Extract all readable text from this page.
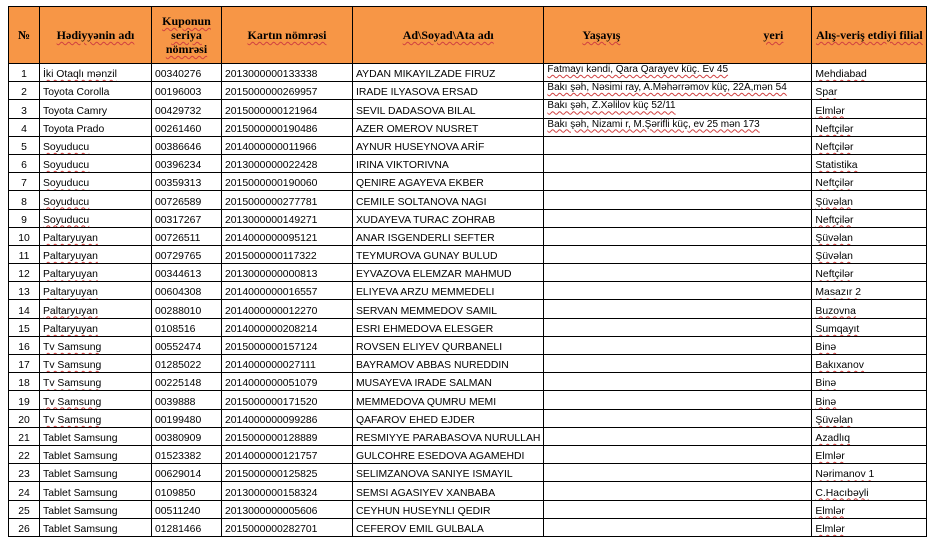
№	Hədiyyənin adı	Kuponun seriya nömrəsi	Kartın nömrəsi	Ad\Soyad\Ata adı	Yaşayış yeri	Alış-veriş etdiyi filial
1	İki Otaqlı mənzil	00340276	2013000000133338	AYDAN MIKAYILZADE FIRUZ	Fatmayı kəndi, Qara Qarayev küç. Ev 45	Mehdiabad
2	Toyota Corolla	00196003	2015000000269957	IRADE ILYASOVA ERSAD	Bakı şəh, Nəsimi ray, A.Məhərrəmov küç, 22A,mən 54	Spar
3	Toyota Camry	00429732	2015000000121964	SEVIL DADASOVA BILAL	Bakı şəh, Z.Xəlilov küç 52/11	Elmlər
4	Toyota Prado	00261460	2015000000190486	AZER OMEROV NUSRET	Bakı şəh, Nizami r, M.Şərifli küç, ev 25 mən 173	Neftçilər
5	Soyuducu	00386646	2014000000011966	AYNUR HUSEYNOVA ARİF		Neftçilər
6	Soyuducu	00396234	2013000000022428	IRINA VIKTORIVNA		Statistika
7	Soyuducu	00359313	2015000000190060	QENIRE AGAYEVA EKBER		Neftçilər
8	Soyuducu	00726589	2015000000277781	CEMILE SOLTANOVA NAGI		Şüvəlan
9	Soyuducu	00317267	2013000000149271	XUDAYEVA TURAC ZOHRAB		Neftçilər
10	Paltaryuyan	00726511	2014000000095121	ANAR ISGENDERLI SEFTER		Şüvəlan
11	Paltaryuyan	00729765	2015000000117322	TEYMUROVA GUNAY BULUD		Şüvəlan
12	Paltaryuyan	00344613	2013000000000813	EYVAZOVA ELEMZAR MAHMUD		Neftçilər
13	Paltaryuyan	00604308	2014000000016557	ELIYEVA ARZU MEMMEDELI		Masazır 2
14	Paltaryuyan	00288010	2014000000012270	SERVAN MEMMEDOV SAMIL		Buzovna
15	Paltaryuyan	0108516	2014000000208214	ESRI EHMEDOVA ELESGER		Sumqayıt
16	Tv Samsung	00552474	2015000000157124	ROVSEN ELIYEV QURBANELI		Binə
17	Tv Samsung	01285022	2014000000027111	BAYRAMOV ABBAS NUREDDIN		Bakıxanov
18	Tv Samsung	00225148	2014000000051079	MUSAYEVA IRADE SALMAN		Binə
19	Tv Samsung	0039888	2015000000171520	MEMMEDOVA QUMRU MEMI		Binə
20	Tv Samsung	00199480	2014000000099286	QAFAROV EHED EJDER		Şüvəlan
21	Tablet Samsung	00380909	2015000000128889	RESMIYYE PARABASOVA NURULLAH		Azadlıq
22	Tablet Samsung	01523382	2014000000121757	GULCOHRE ESEDOVA AGAMEHDI		Elmlər
23	Tablet Samsung	00629014	2015000000125825	SELIMZANOVA SANIYE ISMAYIL		Nərimanov 1
24	Tablet Samsung	0109850	2013000000158324	SEMSI AGASIYEV XANBABA		C.Hacıbəyli
25	Tablet Samsung	00511240	2013000000005606	CEYHUN HUSEYNLI QEDIR		Elmlər
26	Tablet Samsung	01281466	2015000000282701	CEFEROV EMIL GULBALA		Elmlər
